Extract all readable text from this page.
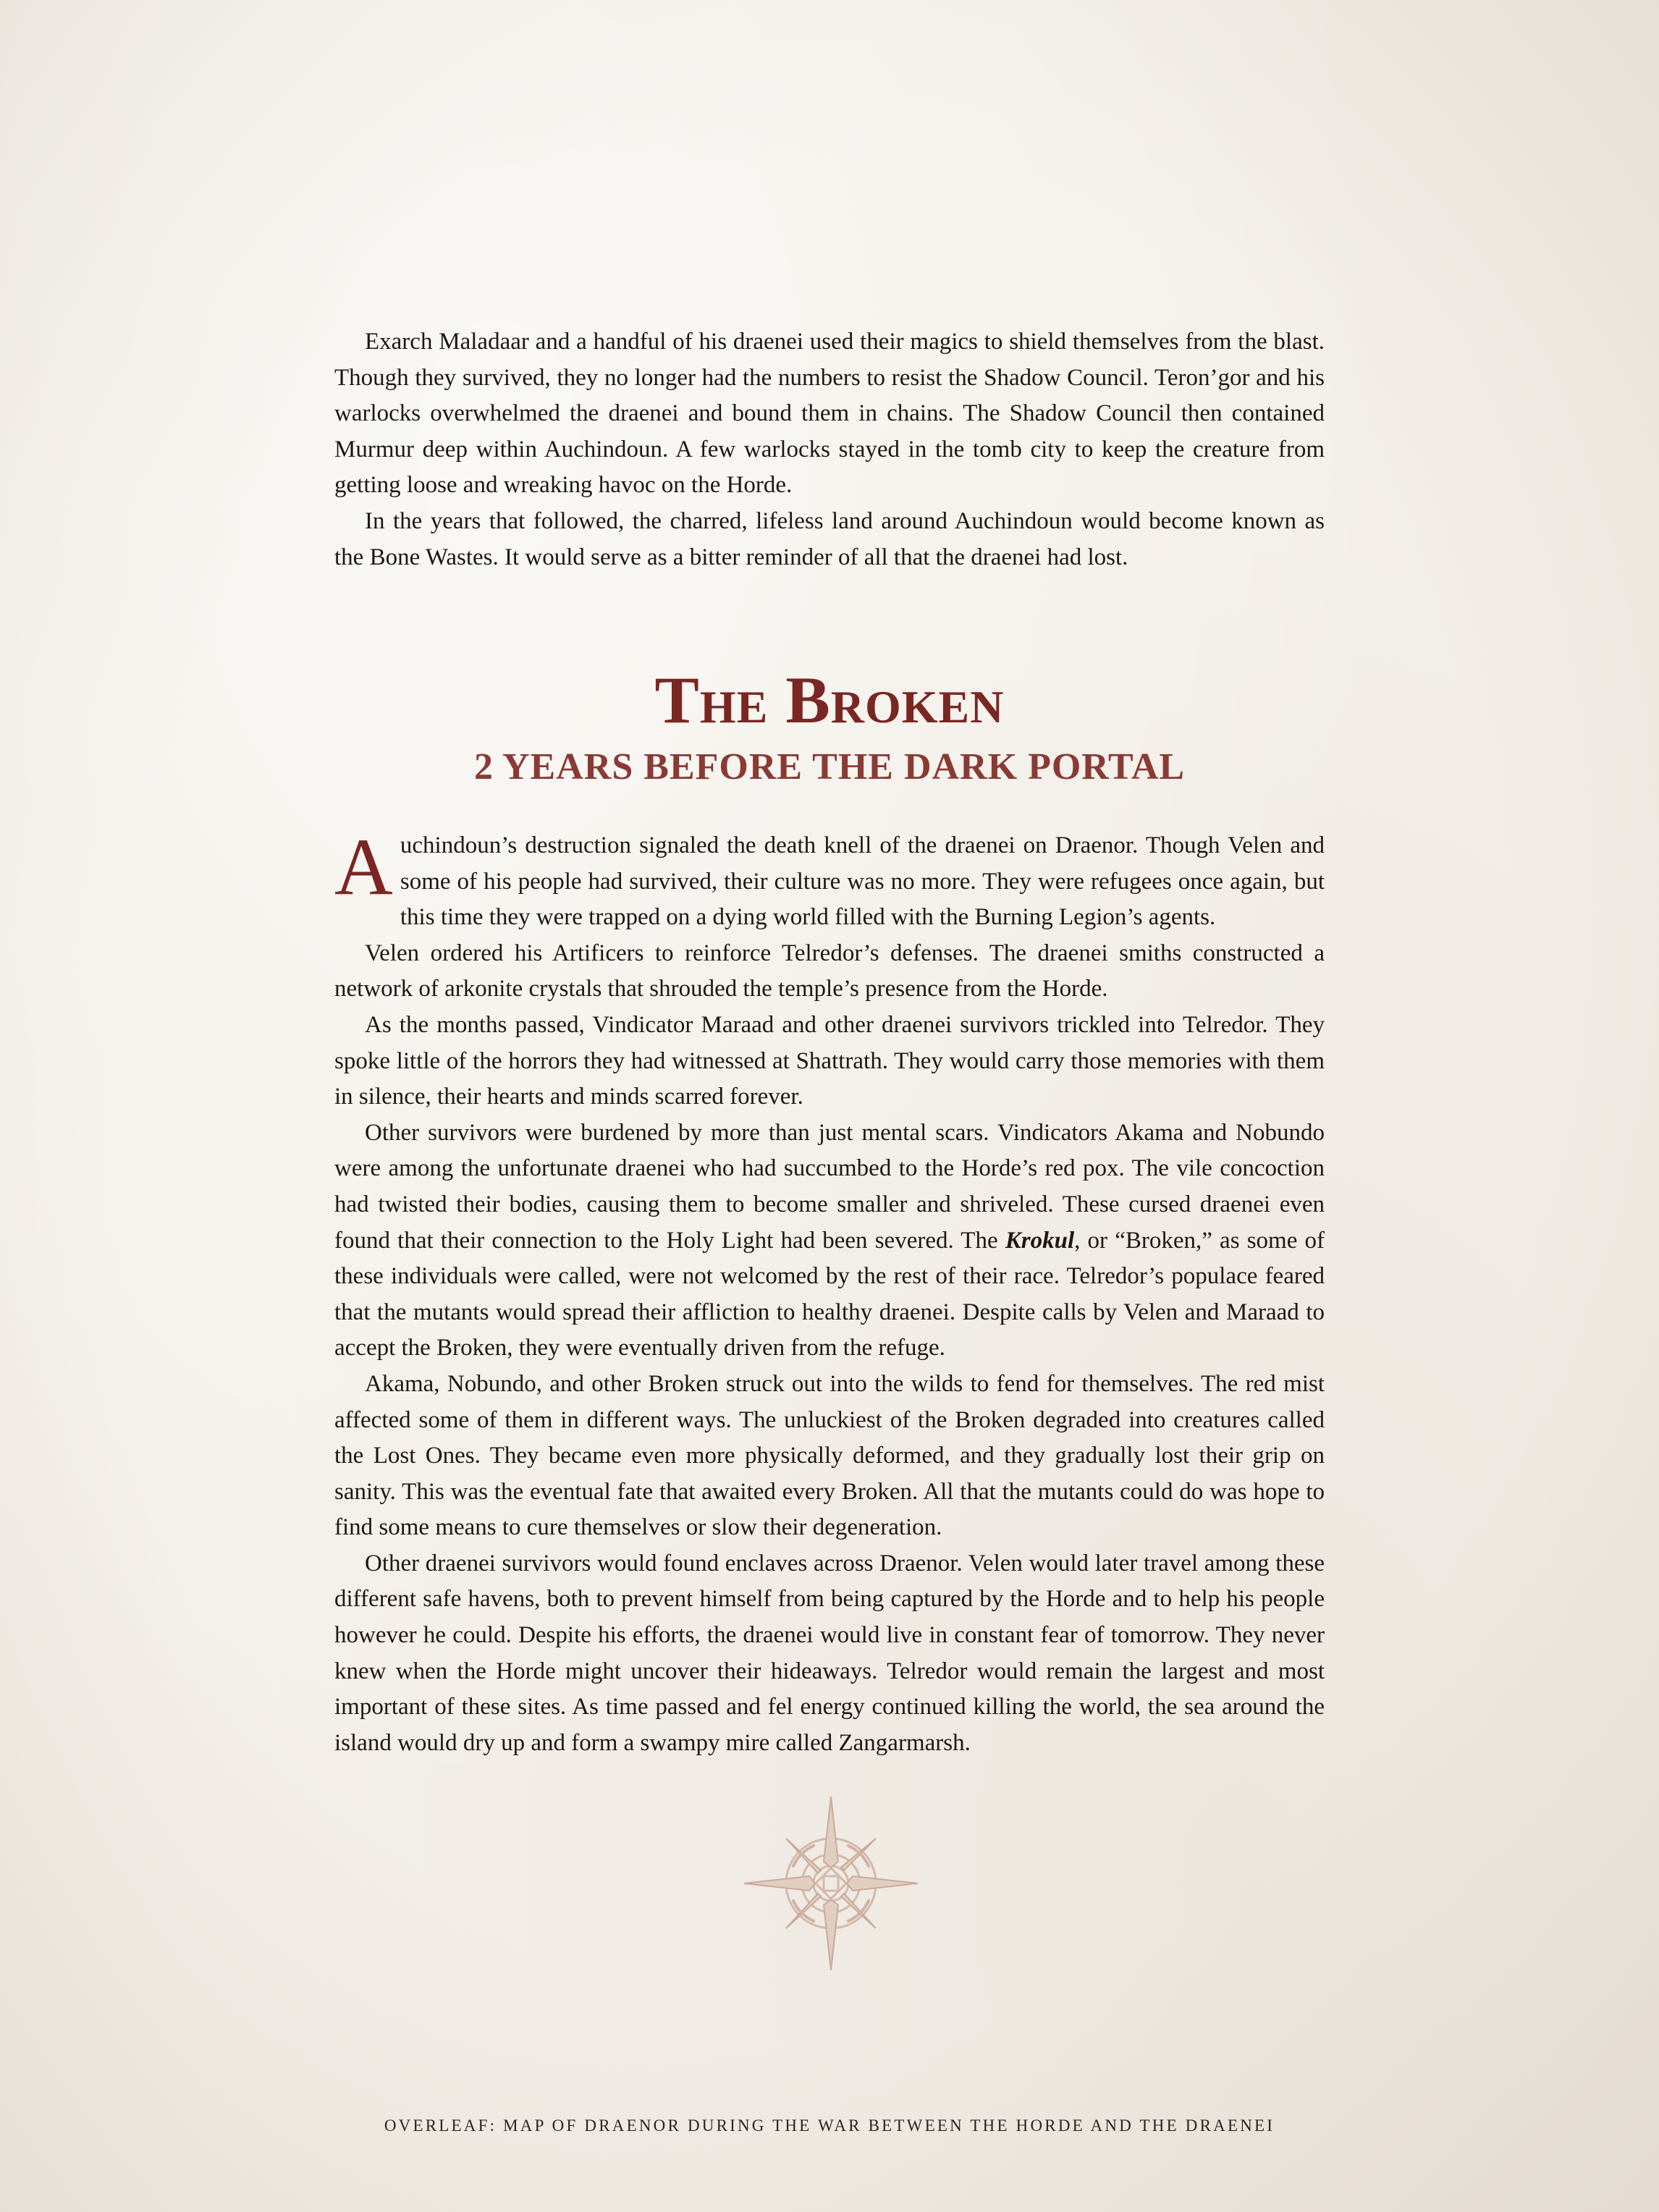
Exarch Maladaar and a handful of his draenei used their magics to shield themselves from the blast. Though they survived, they no longer had the numbers to resist the Shadow Council. Teron’gor and his warlocks overwhelmed the draenei and bound them in chains. The Shadow Council then contained Murmur deep within Auchindoun. A few warlocks stayed in the tomb city to keep the creature from getting loose and wreaking havoc on the Horde.

In the years that followed, the charred, lifeless land around Auchindoun would become known as the Bone Wastes. It would serve as a bitter reminder of all that the draenei had lost.

The Broken
2 YEARS BEFORE THE DARK PORTAL

Auchindoun’s destruction signaled the death knell of the draenei on Draenor. Though Velen and some of his people had survived, their culture was no more. They were refugees once again, but this time they were trapped on a dying world filled with the Burning Legion’s agents.

Velen ordered his Artificers to reinforce Telredor’s defenses. The draenei smiths constructed a network of arkonite crystals that shrouded the temple’s presence from the Horde.

As the months passed, Vindicator Maraad and other draenei survivors trickled into Telredor. They spoke little of the horrors they had witnessed at Shattrath. They would carry those memories with them in silence, their hearts and minds scarred forever.

Other survivors were burdened by more than just mental scars. Vindicators Akama and Nobundo were among the unfortunate draenei who had succumbed to the Horde’s red pox. The vile concoction had twisted their bodies, causing them to become smaller and shriveled. These cursed draenei even found that their connection to the Holy Light had been severed. The Krokul, or “Broken,” as some of these individuals were called, were not welcomed by the rest of their race. Telredor’s populace feared that the mutants would spread their affliction to healthy draenei. Despite calls by Velen and Maraad to accept the Broken, they were eventually driven from the refuge.

Akama, Nobundo, and other Broken struck out into the wilds to fend for themselves. The red mist affected some of them in different ways. The unluckiest of the Broken degraded into creatures called the Lost Ones. They became even more physically deformed, and they gradually lost their grip on sanity. This was the eventual fate that awaited every Broken. All that the mutants could do was hope to find some means to cure themselves or slow their degeneration.

Other draenei survivors would found enclaves across Draenor. Velen would later travel among these different safe havens, both to prevent himself from being captured by the Horde and to help his people however he could. Despite his efforts, the draenei would live in constant fear of tomorrow. They never knew when the Horde might uncover their hideaways. Telredor would remain the largest and most important of these sites. As time passed and fel energy continued killing the world, the sea around the island would dry up and form a swampy mire called Zangarmarsh.

OVERLEAF: MAP OF DRAENOR DURING THE WAR BETWEEN THE HORDE AND THE DRAENEI
